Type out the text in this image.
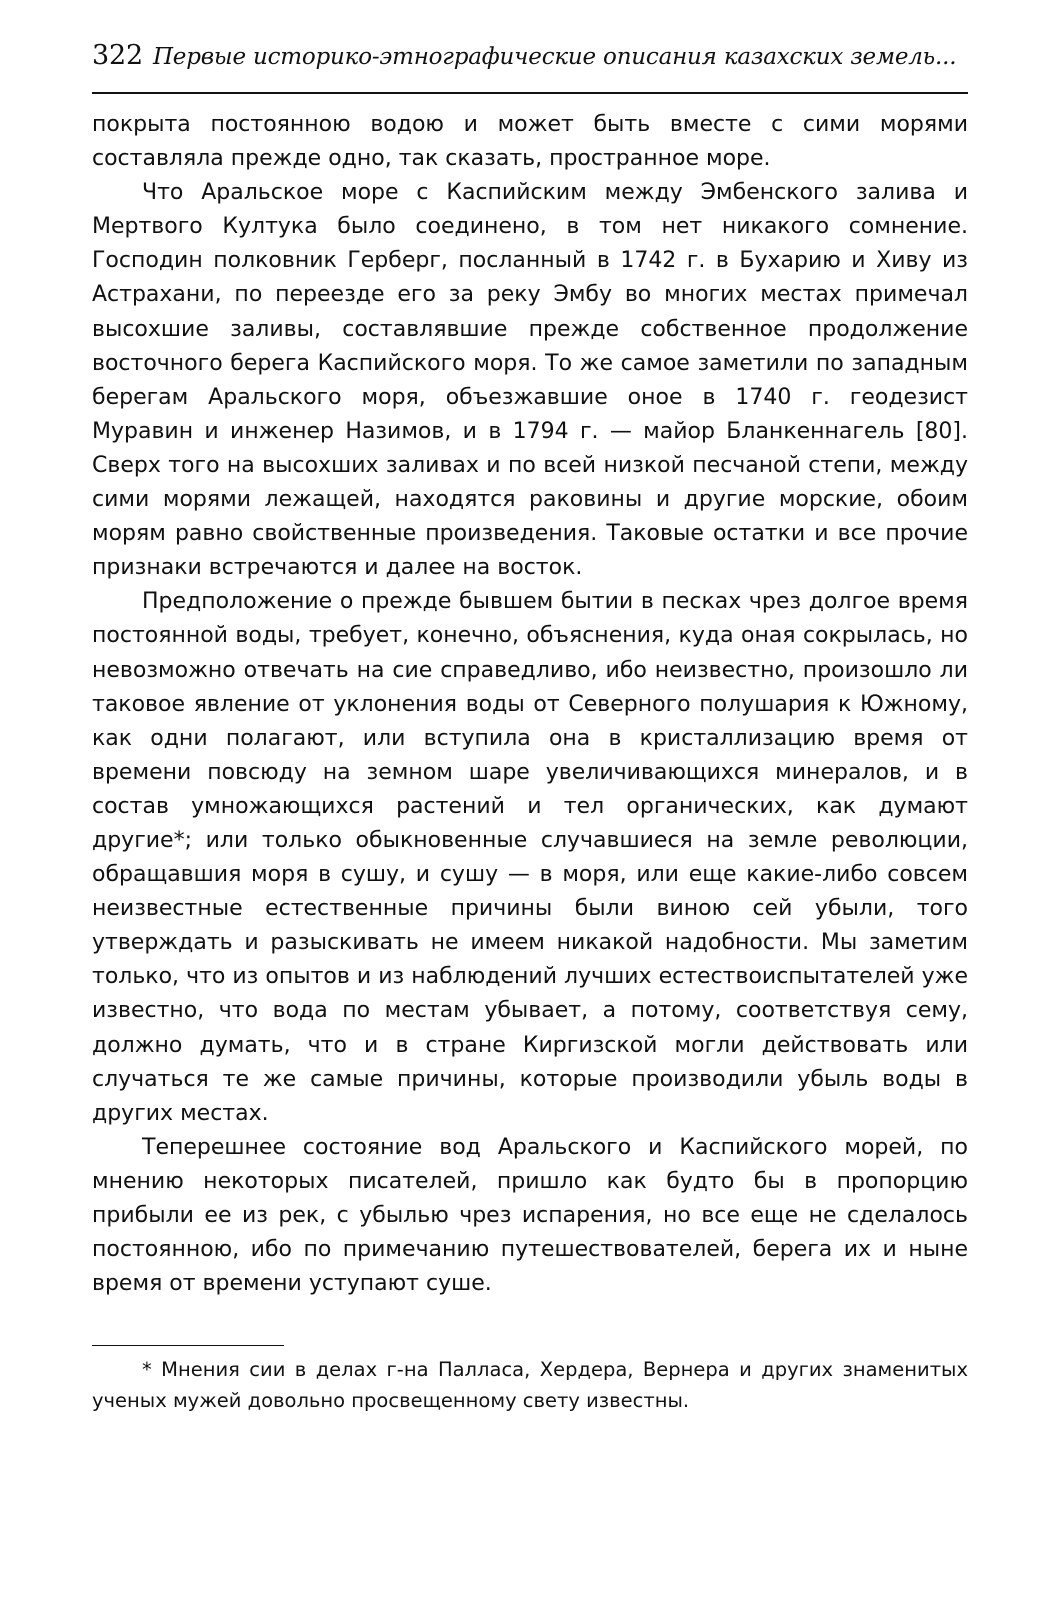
322 Первые историко-этнографические описания казахских земель...

покрыта постоянною водою и может быть вместе с сими морями составляла прежде одно, так сказать, пространное море.

Что Аральское море с Каспийским между Эмбенского залива и Мертвого Култука было соединено, в том нет никакого сомнение. Господин полковник Герберг, посланный в 1742 г. в Бухарию и Хиву из Астрахани, по переезде его за реку Эмбу во многих местах примечал высохшие заливы, составлявшие прежде собственное продолжение восточного берега Каспийского моря. То же самое заметили по западным берегам Аральского моря, объезжавшие оное в 1740 г. геодезист Муравин и инженер Назимов, и в 1794 г. — майор Бланкеннагель [80]. Сверх того на высохших заливах и по всей низкой песчаной степи, между сими морями лежащей, находятся раковины и другие морские, обоим морям равно свойственные произведения. Таковые остатки и все прочие признаки встречаются и далее на восток.

Предположение о прежде бывшем бытии в песках чрез долгое время постоянной воды, требует, конечно, объяснения, куда оная сокрылась, но невозможно отвечать на сие справедливо, ибо неизвестно, произошло ли таковое явление от уклонения воды от Северного полушария к Южному, как одни полагают, или вступила она в кристаллизацию время от времени повсюду на земном шаре увеличивающихся минералов, и в состав умножающихся растений и тел органических, как думают другие*; или только обыкновенные случавшиеся на земле революции, обращавшия моря в сушу, и сушу — в моря, или еще какие-либо совсем неизвестные естественные причины были виною сей убыли, того утверждать и разыскивать не имеем никакой надобности. Мы заметим только, что из опытов и из наблюдений лучших естествоиспытателей уже известно, что вода по местам убывает, а потому, соответствуя сему, должно думать, что и в стране Киргизской могли действовать или случаться те же самые причины, которые производили убыль воды в других местах.

Теперешнее состояние вод Аральского и Каспийского морей, по мнению некоторых писателей, пришло как будто бы в пропорцию прибыли ее из рек, с убылью чрез испарения, но все еще не сделалось постоянною, ибо по примечанию путешествователей, берега их и ныне время от времени уступают суше.

* Мнения сии в делах г-на Палласа, Хердера, Вернера и других знаменитых ученых мужей довольно просвещенному свету известны.
